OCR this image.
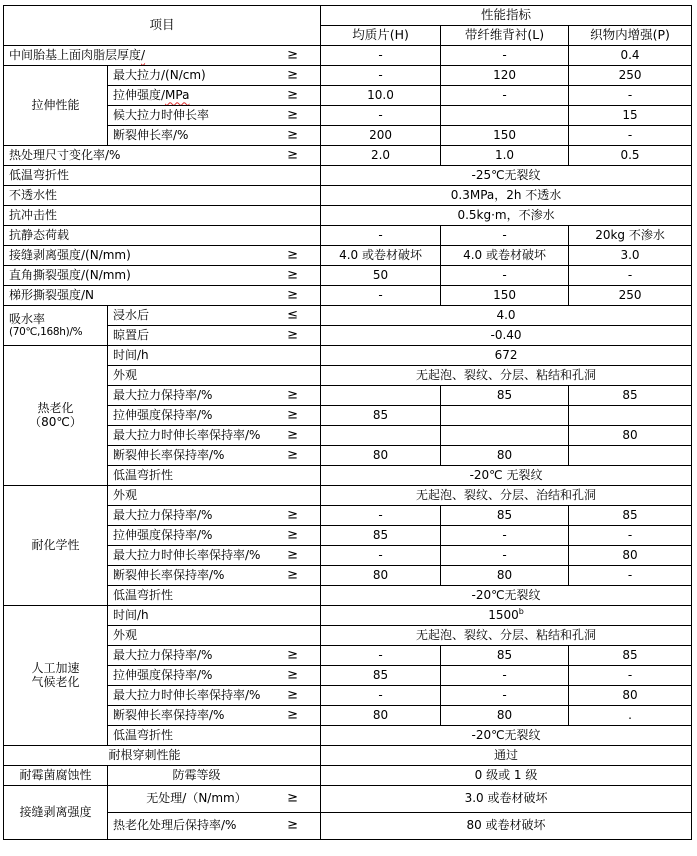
项目		性能指标		
		均质片(H)	带纤维背衬(L)	织物内增强(P)
中间胎基上面肉脂层厚度/ ≥		-	-	0.4

拉伸性能	最大拉力/(N/cm) ≥	-	120	250
	拉伸强度/MPa ≥	10.0	-	-
	候大拉力时伸长率 ≥	-		15
	断裂伸长率/% ≥	200	150	-
热处理尺寸变化率/% ≥		2.0	1.0	0.5
低温弯折性		-25℃无裂纹		
不透水性		0.3MPa，2h 不透水		
抗冲击性		0.5kg·m，不渗水		
抗静态荷载		-	-	20kg 不渗水
接缝剥离强度/(N/mm) ≥		4.0 或卷材破坏	4.0 或卷材破坏	3.0
直角撕裂强度/(N/mm) ≥		50	-	-
梯形撕裂强度/N ≥		-	150	250

吸水率
(70℃,168h)/%	浸水后 ≤	4.0		
	晾置后 ≥	-0.40		

热老化
（80℃）	时间/h	672		
	外观	无起泡、裂纹、分层、粘结和孔洞		
	最大拉力保持率/% ≥		85	85
	拉伸强度保持率/% ≥	85		
	最大拉力时伸长率保持率/% ≥			80
	断裂伸长率保持率/% ≥	80	80	
	低温弯折性	-20℃ 无裂纹		

耐化学性	外观	无起泡、裂纹、分层、治结和孔洞		
	最大拉力保持率/% ≥	-	85	85
	拉伸强度保持率/% ≥	85	-	-
	最大拉力时伸长率保持率/% ≥	-	-	80
	断裂伸长率保持率/% ≥	80	80	-
	低温弯折性	-20℃无裂纹		

人工加速
气候老化	时间/h	1500$^b$
	外观	无起泡、裂纹、分层、粘结和孔洞		
	最大拉力保持率/% ≥	-	85	85
	拉伸强度保持率/% ≥	85	-	-
	最大拉力时伸长率保持率/% ≥	-	-	80
	断裂伸长率保持率/% ≥	80	80	.
	低温弯折性	-20℃无裂纹		
耐根穿刺性能		通过		

耐霉菌腐蚀性	防霉等级	0 级或 1 级		

接缝剥离强度	无处理/（N/mm） ≥	3.0 或卷材破坏		
	热老化处理后保持率/% ≥	80 或卷材破坏		
